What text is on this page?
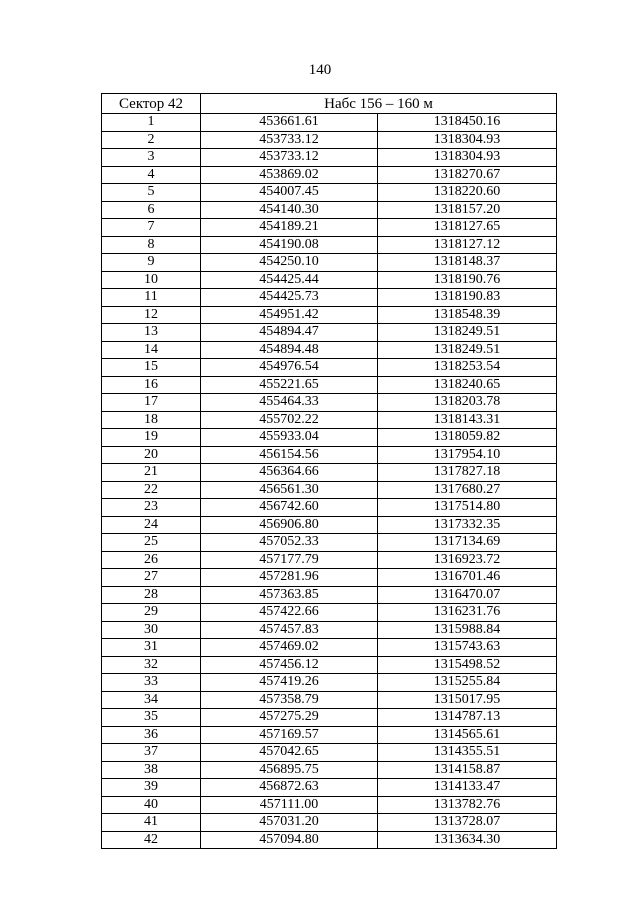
140
Сектор 42	Набс 156 – 160 м	
1	453661.61	1318450.16
2	453733.12	1318304.93
3	453733.12	1318304.93
4	453869.02	1318270.67
5	454007.45	1318220.60
6	454140.30	1318157.20
7	454189.21	1318127.65
8	454190.08	1318127.12
9	454250.10	1318148.37
10	454425.44	1318190.76
11	454425.73	1318190.83
12	454951.42	1318548.39
13	454894.47	1318249.51
14	454894.48	1318249.51
15	454976.54	1318253.54
16	455221.65	1318240.65
17	455464.33	1318203.78
18	455702.22	1318143.31
19	455933.04	1318059.82
20	456154.56	1317954.10
21	456364.66	1317827.18
22	456561.30	1317680.27
23	456742.60	1317514.80
24	456906.80	1317332.35
25	457052.33	1317134.69
26	457177.79	1316923.72
27	457281.96	1316701.46
28	457363.85	1316470.07
29	457422.66	1316231.76
30	457457.83	1315988.84
31	457469.02	1315743.63
32	457456.12	1315498.52
33	457419.26	1315255.84
34	457358.79	1315017.95
35	457275.29	1314787.13
36	457169.57	1314565.61
37	457042.65	1314355.51
38	456895.75	1314158.87
39	456872.63	1314133.47
40	457111.00	1313782.76
41	457031.20	1313728.07
42	457094.80	1313634.30
